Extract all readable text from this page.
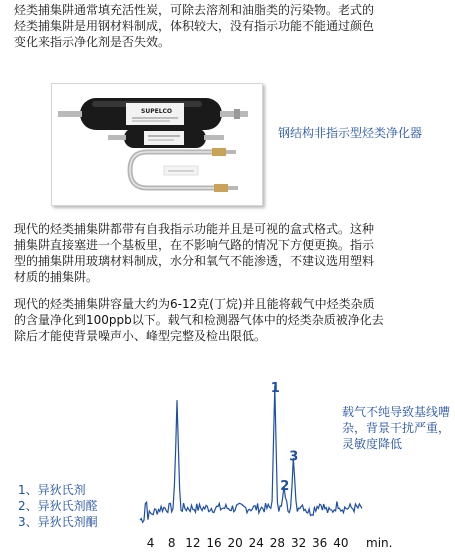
烃类捕集阱通常填充活性炭，可除去溶剂和油脂类的污染物。老式的烃类捕集阱是用钢材料制成，体积较大，没有指示功能不能通过颜色变化来指示净化剂是否失效。
SUPELCO
钢结构非指示型烃类净化器
现代的烃类捕集阱都带有自我指示功能并且是可视的盒式格式。这种捕集阱直接塞进一个基板里，在不影响气路的情况下方便更换。指示型的捕集阱用玻璃材料制成，水分和氧气不能渗透，不建议选用塑料材质的捕集阱。
现代的烃类捕集阱容量大约为6-12克(丁烷)并且能将载气中烃类杂质的含量净化到100ppb以下。载气和检测器气体中的烃类杂质被净化去除后才能使背景噪声小、峰型完整及检出限低。
1
2
3
4 8 12 16 20 24 28 32 36 40 min.
载气不纯导致基线嘈杂，背景干扰严重，灵敏度降低
1、异狄氏剂
2、异狄氏剂醛
3、异狄氏剂酮
